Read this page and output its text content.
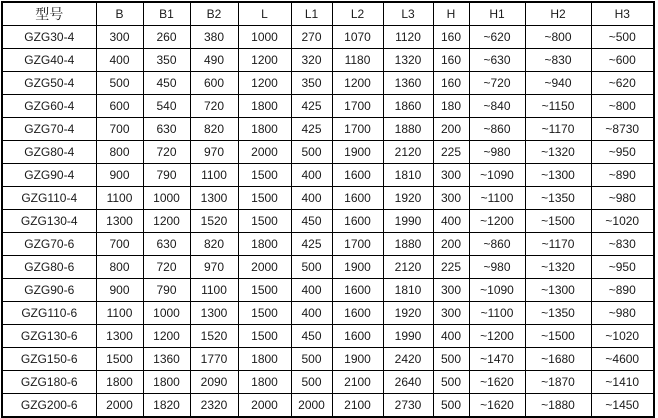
型号	B	B1	B2	L	L1	L2	L3	H	H1	H2	H3
GZG30-4	300	260	380	1000	270	1070	1120	160	~620	~800	~500
GZG40-4	400	350	490	1200	320	1180	1320	160	~630	~830	~600
GZG50-4	500	450	600	1200	350	1200	1360	160	~720	~940	~620
GZG60-4	600	540	720	1800	425	1700	1860	180	~840	~1150	~800
GZG70-4	700	630	820	1800	425	1700	1880	200	~860	~1170	~8730
GZG80-4	800	720	970	2000	500	1900	2120	225	~980	~1320	~950
GZG90-4	900	790	1100	1500	400	1600	1810	300	~1090	~1300	~890
GZG110-4	1100	1000	1300	1500	400	1600	1920	300	~1100	~1350	~980
GZG130-4	1300	1200	1520	1500	450	1600	1990	400	~1200	~1500	~1020
GZG70-6	700	630	820	1800	425	1700	1880	200	~860	~1170	~830
GZG80-6	800	720	970	2000	500	1900	2120	225	~980	~1320	~950
GZG90-6	900	790	1100	1500	400	1600	1810	300	~1090	~1300	~890
GZG110-6	1100	1000	1300	1500	400	1600	1920	300	~1100	~1350	~980
GZG130-6	1300	1200	1520	1500	450	1600	1990	400	~1200	~1500	~1020
GZG150-6	1500	1360	1770	1800	500	1900	2420	500	~1470	~1680	~4600
GZG180-6	1800	1800	2090	1800	500	2100	2640	500	~1620	~1870	~1410
GZG200-6	2000	1820	2320	2000	2000	2100	2730	500	~1620	~1880	~1450
